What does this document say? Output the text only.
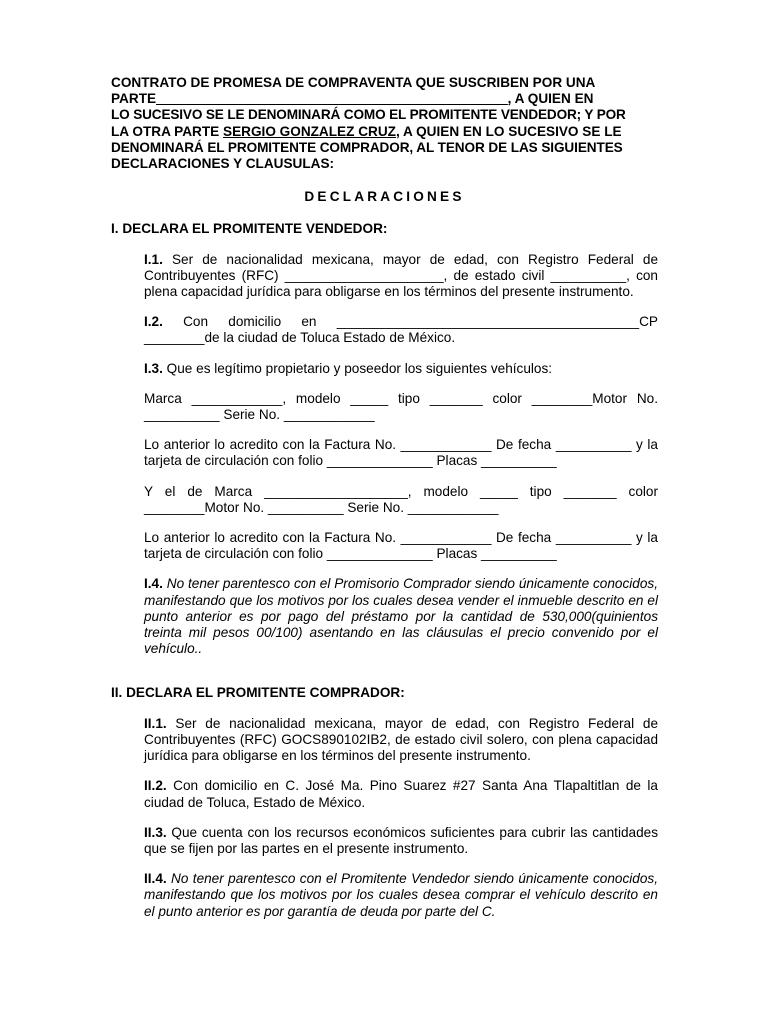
CONTRATO DE PROMESA DE COMPRAVENTA QUE SUSCRIBEN POR UNA
PARTE______________________________________________________, A QUIEN EN
LO SUCESIVO SE LE DENOMINARÁ COMO EL PROMITENTE VENDEDOR; Y POR
LA OTRA PARTE SERGIO GONZALEZ CRUZ, A QUIEN EN LO SUCESIVO SE LE
DENOMINARÁ EL PROMITENTE COMPRADOR, AL TENOR DE LAS SIGUIENTES
DECLARACIONES Y CLAUSULAS:
DECLARACIONES
I. DECLARA EL PROMITENTE VENDEDOR:

I.1. Ser de nacionalidad mexicana, mayor de edad, con Registro Federal de Contribuyentes (RFC) _____________________, de estado civil __________, con plena capacidad jurídica para obligarse en los términos del presente instrumento.

I.2. Con domicilio en ________________________________________CP ________de la ciudad de Toluca Estado de México.

I.3. Que es legítimo propietario y poseedor los siguientes vehículos:

Marca ____________, modelo _____ tipo _______ color ________Motor No. __________ Serie No. ____________

Lo anterior lo acredito con la Factura No. ____________ De fecha __________ y la tarjeta de circulación con folio ______________ Placas __________

Y el de Marca ___________________, modelo _____ tipo _______ color ________Motor No. __________ Serie No. ____________

Lo anterior lo acredito con la Factura No. ____________ De fecha __________ y la tarjeta de circulación con folio ______________ Placas __________

I.4. No tener parentesco con el Promisorio Comprador siendo únicamente conocidos, manifestando que los motivos por los cuales desea vender el inmueble descrito en el punto anterior es por pago del préstamo por la cantidad de 530,000(quinientos treinta mil pesos 00/100) asentando en las cláusulas el precio convenido por el vehículo..

II. DECLARA EL PROMITENTE COMPRADOR:

II.1. Ser de nacionalidad mexicana, mayor de edad, con Registro Federal de Contribuyentes (RFC) GOCS890102IB2, de estado civil solero, con plena capacidad jurídica para obligarse en los términos del presente instrumento.

II.2. Con domicilio en C. José Ma. Pino Suarez #27 Santa Ana Tlapaltitlan de la ciudad de Toluca, Estado de México.

II.3. Que cuenta con los recursos económicos suficientes para cubrir las cantidades que se fijen por las partes en el presente instrumento.

II.4. No tener parentesco con el Promitente Vendedor siendo únicamente conocidos, manifestando que los motivos por los cuales desea comprar el vehículo descrito en el punto anterior es por garantía de deuda por parte del C.
